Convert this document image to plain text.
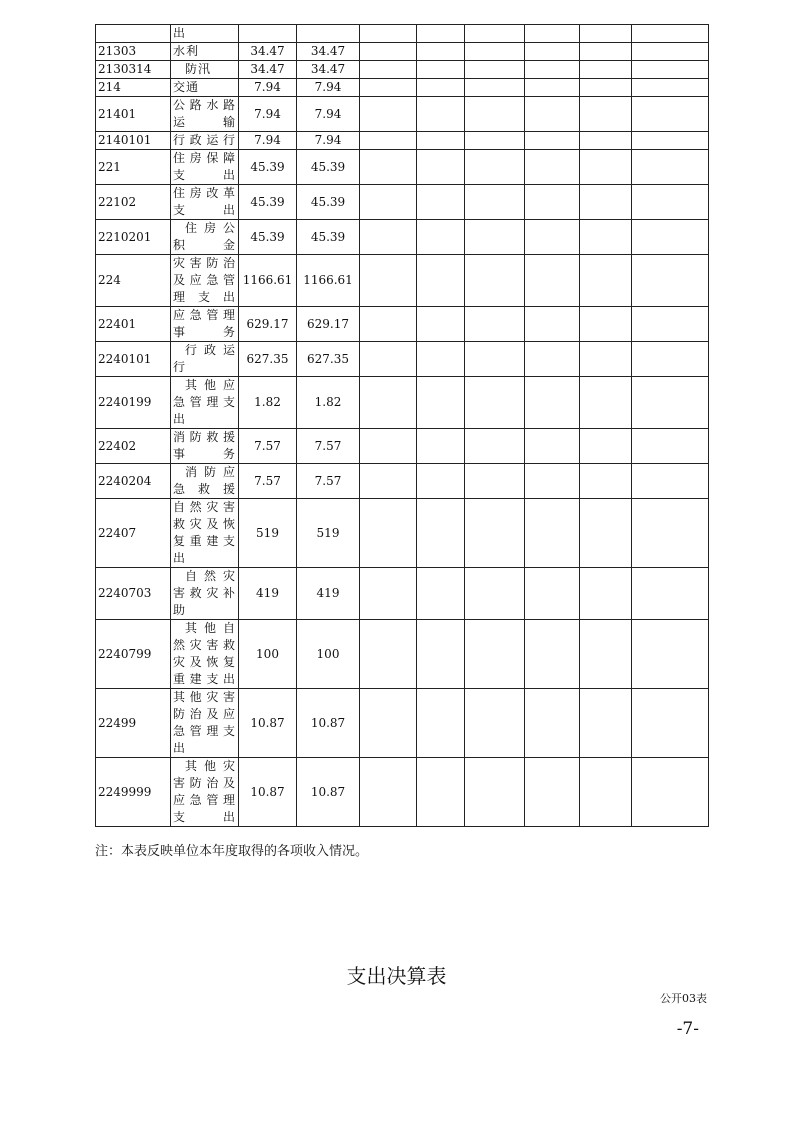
	出								
21303	水利	34.47	34.47						
2130314	防汛	34.47	34.47						
214	交通	7.94	7.94						
21401	公路水路运输	7.94	7.94						
2140101	行政运行	7.94	7.94						
221	住房保障支出	45.39	45.39						
22102	住房改革支出	45.39	45.39						
2210201	住房公积金	45.39	45.39						
224	灾害防治及应急管理支出	1166.61	1166.61						
22401	应急管理事务	629.17	629.17						
2240101	行政运行	627.35	627.35						
2240199	其他应急管理支出	1.82	1.82						
22402	消防救援事务	7.57	7.57						
2240204	消防应急救援	7.57	7.57						
22407	自然灾害救灾及恢复重建支出	519	519						
2240703	自然灾害救灾补助	419	419						
2240799	其他自然灾害救灾及恢复重建支出	100	100						
22499	其他灾害防治及应急管理支出	10.87	10.87						
2249999	其他灾害防治及应急管理支出	10.87	10.87						
注：本表反映单位本年度取得的各项收入情况。
支出决算表
公开03表
-7-
